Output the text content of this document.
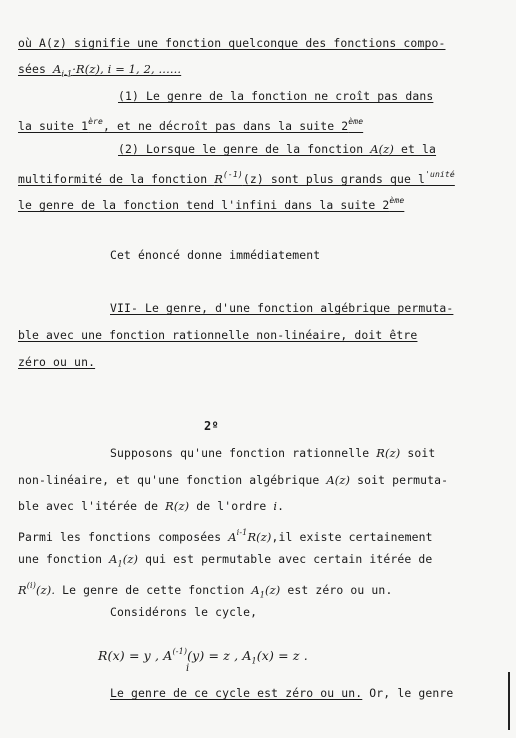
où A(z) signifie une fonction quelconque des fonctions compo-
sées $A_{i-1}\cdot R(z)$, i = 1, 2, ......
(1) Le genre de la fonction ne croît pas dans
la suite 1ère, et ne décroît pas dans la suite 2ème
(2) Lorsque le genre de la fonction A(z) et la
multiformité de la fonction $R^{(-1)}(z)$ sont plus grands que $l^{'unité}$
le genre de la fonction tend l'infini dans la suite 2ème
Cet énoncé donne immédiatement
VII- Le genre, d'une fonction algébrique permuta-
ble avec une fonction rationnelle non-linéaire, doit être
zéro ou un.
2º
Supposons qu'une fonction rationnelle R(z) soit
non-linéaire, et qu'une fonction algébrique A(z) soit permuta-
ble avec l'itérée de R(z) de l'ordre i.
Parmi les fonctions composées $A^{i-1}R(z),il$ existe certainement
une fonction $A_1(z)$ qui est permutable avec certain itérée de
$R^{(i)}(z)$. Le genre de cette fonction $A_1(z)$ est zéro ou un.
Considérons le cycle,
R(x) = y , $A^{(-1)}(y) = z$ , $A_1(x) = z$ .
i
Le genre de ce cycle est zéro ou un. Or, le genre
